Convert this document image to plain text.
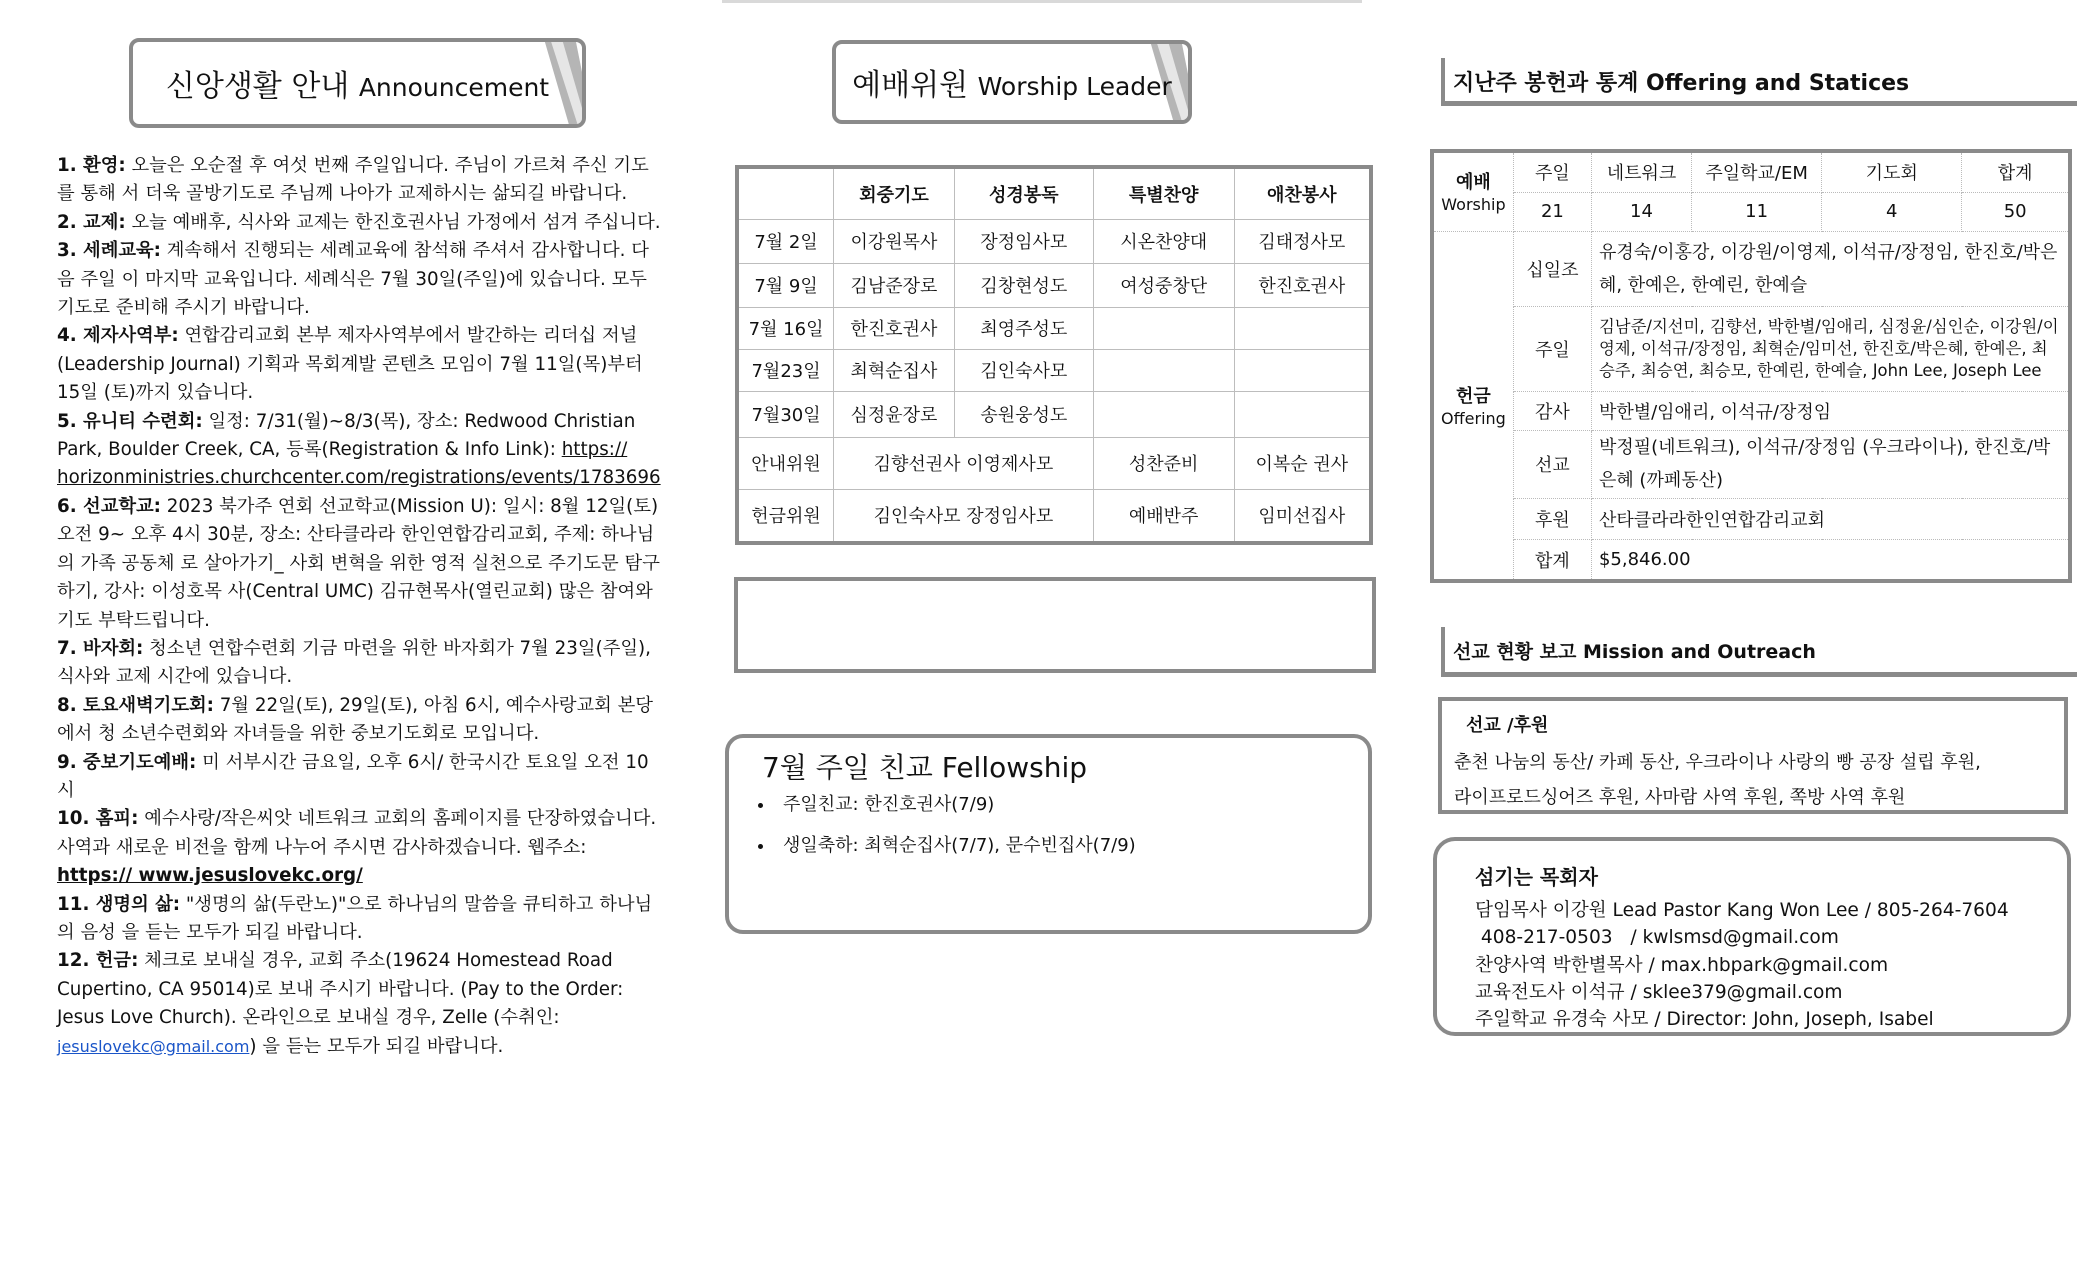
신앙생활 안내 Announcement

1. 환영: 오늘은 오순절 후 여섯 번째 주일입니다. 주님이 가르쳐 주신 기도를 통해 서 더욱 골방기도로 주님께 나아가 교제하시는 삶되길 바랍니다.

2. 교제: 오늘 예배후, 식사와 교제는 한진호권사님 가정에서 섬겨 주십니다.

3. 세례교육: 계속해서 진행되는 세례교육에 참석해 주셔서 감사합니다. 다음 주일 이 마지막 교육입니다. 세례식은 7월 30일(주일)에 있습니다. 모두 기도로 준비해 주시기 바랍니다.

4. 제자사역부: 연합감리교회 본부 제자사역부에서 발간하는 리더십 저널 (Leadership Journal) 기획과 목회계발 콘텐츠 모임이 7월 11일(목)부터 15일 (토)까지 있습니다.

5. 유니티 수련회: 일정: 7/31(월)~8/3(목), 장소: Redwood Christian Park, Boulder Creek, CA, 등록(Registration & Info Link): https:// horizonministries.churchcenter.com/registrations/events/1783696

6. 선교학교: 2023 북가주 연회 선교학교(Mission U): 일시: 8월 12일(토) 오전 9~ 오후 4시 30분, 장소: 산타클라라 한인연합감리교회, 주제: 하나님의 가족 공동체 로 살아가기_ 사회 변혁을 위한 영적 실천으로 주기도문 탐구하기, 강사: 이성호목 사(Central UMC) 김규현목사(열린교회) 많은 참여와 기도 부탁드립니다.

7. 바자회: 청소년 연합수련회 기금 마련을 위한 바자회가 7월 23일(주일), 식사와 교제 시간에 있습니다.

8. 토요새벽기도회: 7월 22일(토), 29일(토), 아침 6시, 예수사랑교회 본당에서 청 소년수련회와 자녀들을 위한 중보기도회로 모입니다.

9. 중보기도예배: 미 서부시간 금요일, 오후 6시/ 한국시간 토요일 오전 10시

10. 홈피: 예수사랑/작은씨앗 네트워크 교회의 홈페이지를 단장하였습니다. 사역과 새로운 비전을 함께 나누어 주시면 감사하겠습니다. 웹주소: https:// www.jesuslovekc.org/

11. 생명의 삶: "생명의 삶(두란노)"으로 하나님의 말씀을 큐티하고 하나님의 음성 을 듣는 모두가 되길 바랍니다.

12. 헌금: 체크로 보내실 경우, 교회 주소(19624 Homestead Road Cupertino, CA 95014)로 보내 주시기 바랍니다. (Pay to the Order: Jesus Love Church). 온라인으로 보내실 경우, Zelle (수취인: jesuslovekc@gmail.com) 을 듣는 모두가 되길 바랍니다.

예배위원 Worship Leader
	회중기도	성경봉독	특별찬양	애찬봉사
7월 2일	이강원목사	장정임사모	시온찬양대	김태정사모
7월 9일	김남준장로	김창현성도	여성중창단	한진호권사
7월 16일	한진호권사	최영주성도		
7월23일	최혁순집사	김인숙사모		
7월30일	심정윤장로	송원웅성도		
안내위원	김향선권사 이영제사모		성찬준비	이복순 권사
헌금위원	김인숙사모 장정임사모		예배반주	임미선집사
7월 주일 친교 Fellowship
• 주일친교: 한진호권사(7/9)
• 생일축하: 최혁순집사(7/7), 문수빈집사(7/9)
지난주 봉헌과 통계 Offering and Statices
예배
Worship	주일	네트워크	주일학교/EM	기도회	합계
	21	14	11	4	50
헌금
Offering	십일조	유경숙/이홍강, 이강원/이영제, 이석규/장정임, 한진호/박은혜, 한예은, 한예린, 한예슬			
	주일	김남준/지선미, 김향선, 박한별/임애리, 심정윤/심인순, 이강원/이영제, 이석규/장정임, 최혁순/임미선, 한진호/박은혜, 한예은, 최승주, 최승연, 최승모, 한예린, 한예슬, John Lee, Joseph Lee			
	감사	박한별/임애리, 이석규/장정임			
	선교	박정필(네트워크), 이석규/장정임 (우크라이나), 한진호/박은혜 (까페동산)			
	후원	산타클라라한인연합감리교회			
	합계	$5,846.00			
선교 현황 보고 Mission and Outreach
선교 /후원
춘천 나눔의 동산/ 카페 동산, 우크라이나 사랑의 빵 공장 설립 후원,
라이프로드싱어즈 후원, 사마람 사역 후원, 쪽방 사역 후원
섬기는 목회자
담임목사 이강원 Lead Pastor Kang Won Lee / 805-264-7604
408-217-0503   / kwlsmsd@gmail.com
찬양사역 박한별목사 / max.hbpark@gmail.com
교육전도사 이석규 / sklee379@gmail.com
주일학교 유경숙 사모 / Director: John, Joseph, Isabel
